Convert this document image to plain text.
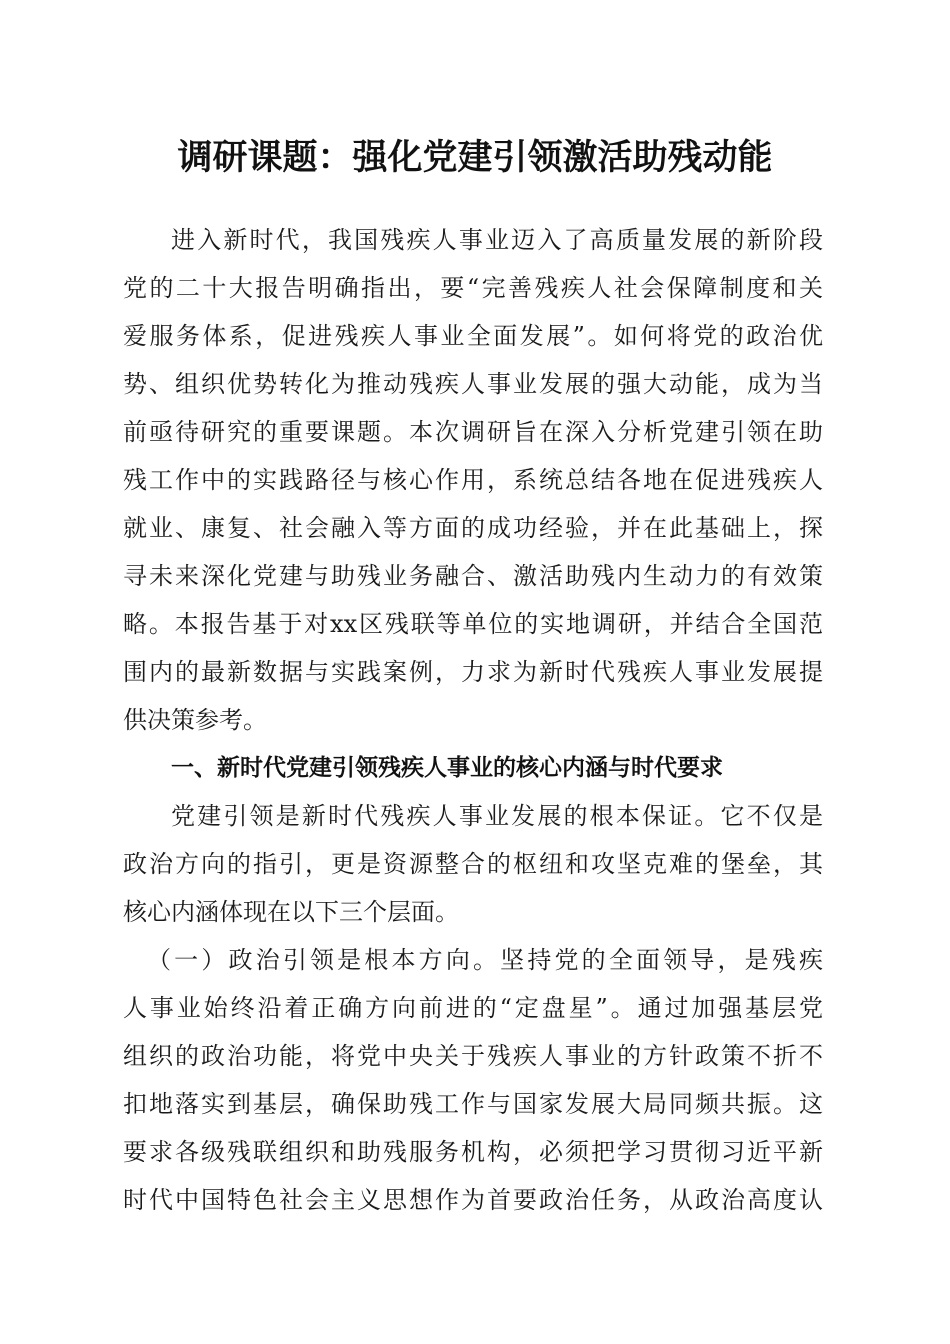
调研课题：强化党建引领激活助残动能
进入新时代，我国残疾人事业迈入了高质量发展的新阶段
党的二十大报告明确指出，要“完善残疾人社会保障制度和关
爱服务体系，促进残疾人事业全面发展”。如何将党的政治优
势、组织优势转化为推动残疾人事业发展的强大动能，成为当
前亟待研究的重要课题。本次调研旨在深入分析党建引领在助
残工作中的实践路径与核心作用，系统总结各地在促进残疾人
就业、康复、社会融入等方面的成功经验，并在此基础上，探
寻未来深化党建与助残业务融合、激活助残内生动力的有效策
略。本报告基于对xx区残联等单位的实地调研，并结合全国范
围内的最新数据与实践案例，力求为新时代残疾人事业发展提
供决策参考。
一、新时代党建引领残疾人事业的核心内涵与时代要求
党建引领是新时代残疾人事业发展的根本保证。它不仅是
政治方向的指引，更是资源整合的枢纽和攻坚克难的堡垒，其
核心内涵体现在以下三个层面。
（一）政治引领是根本方向。坚持党的全面领导，是残疾
人事业始终沿着正确方向前进的“定盘星”。通过加强基层党
组织的政治功能，将党中央关于残疾人事业的方针政策不折不
扣地落实到基层，确保助残工作与国家发展大局同频共振。这
要求各级残联组织和助残服务机构，必须把学习贯彻习近平新
时代中国特色社会主义思想作为首要政治任务，从政治高度认
